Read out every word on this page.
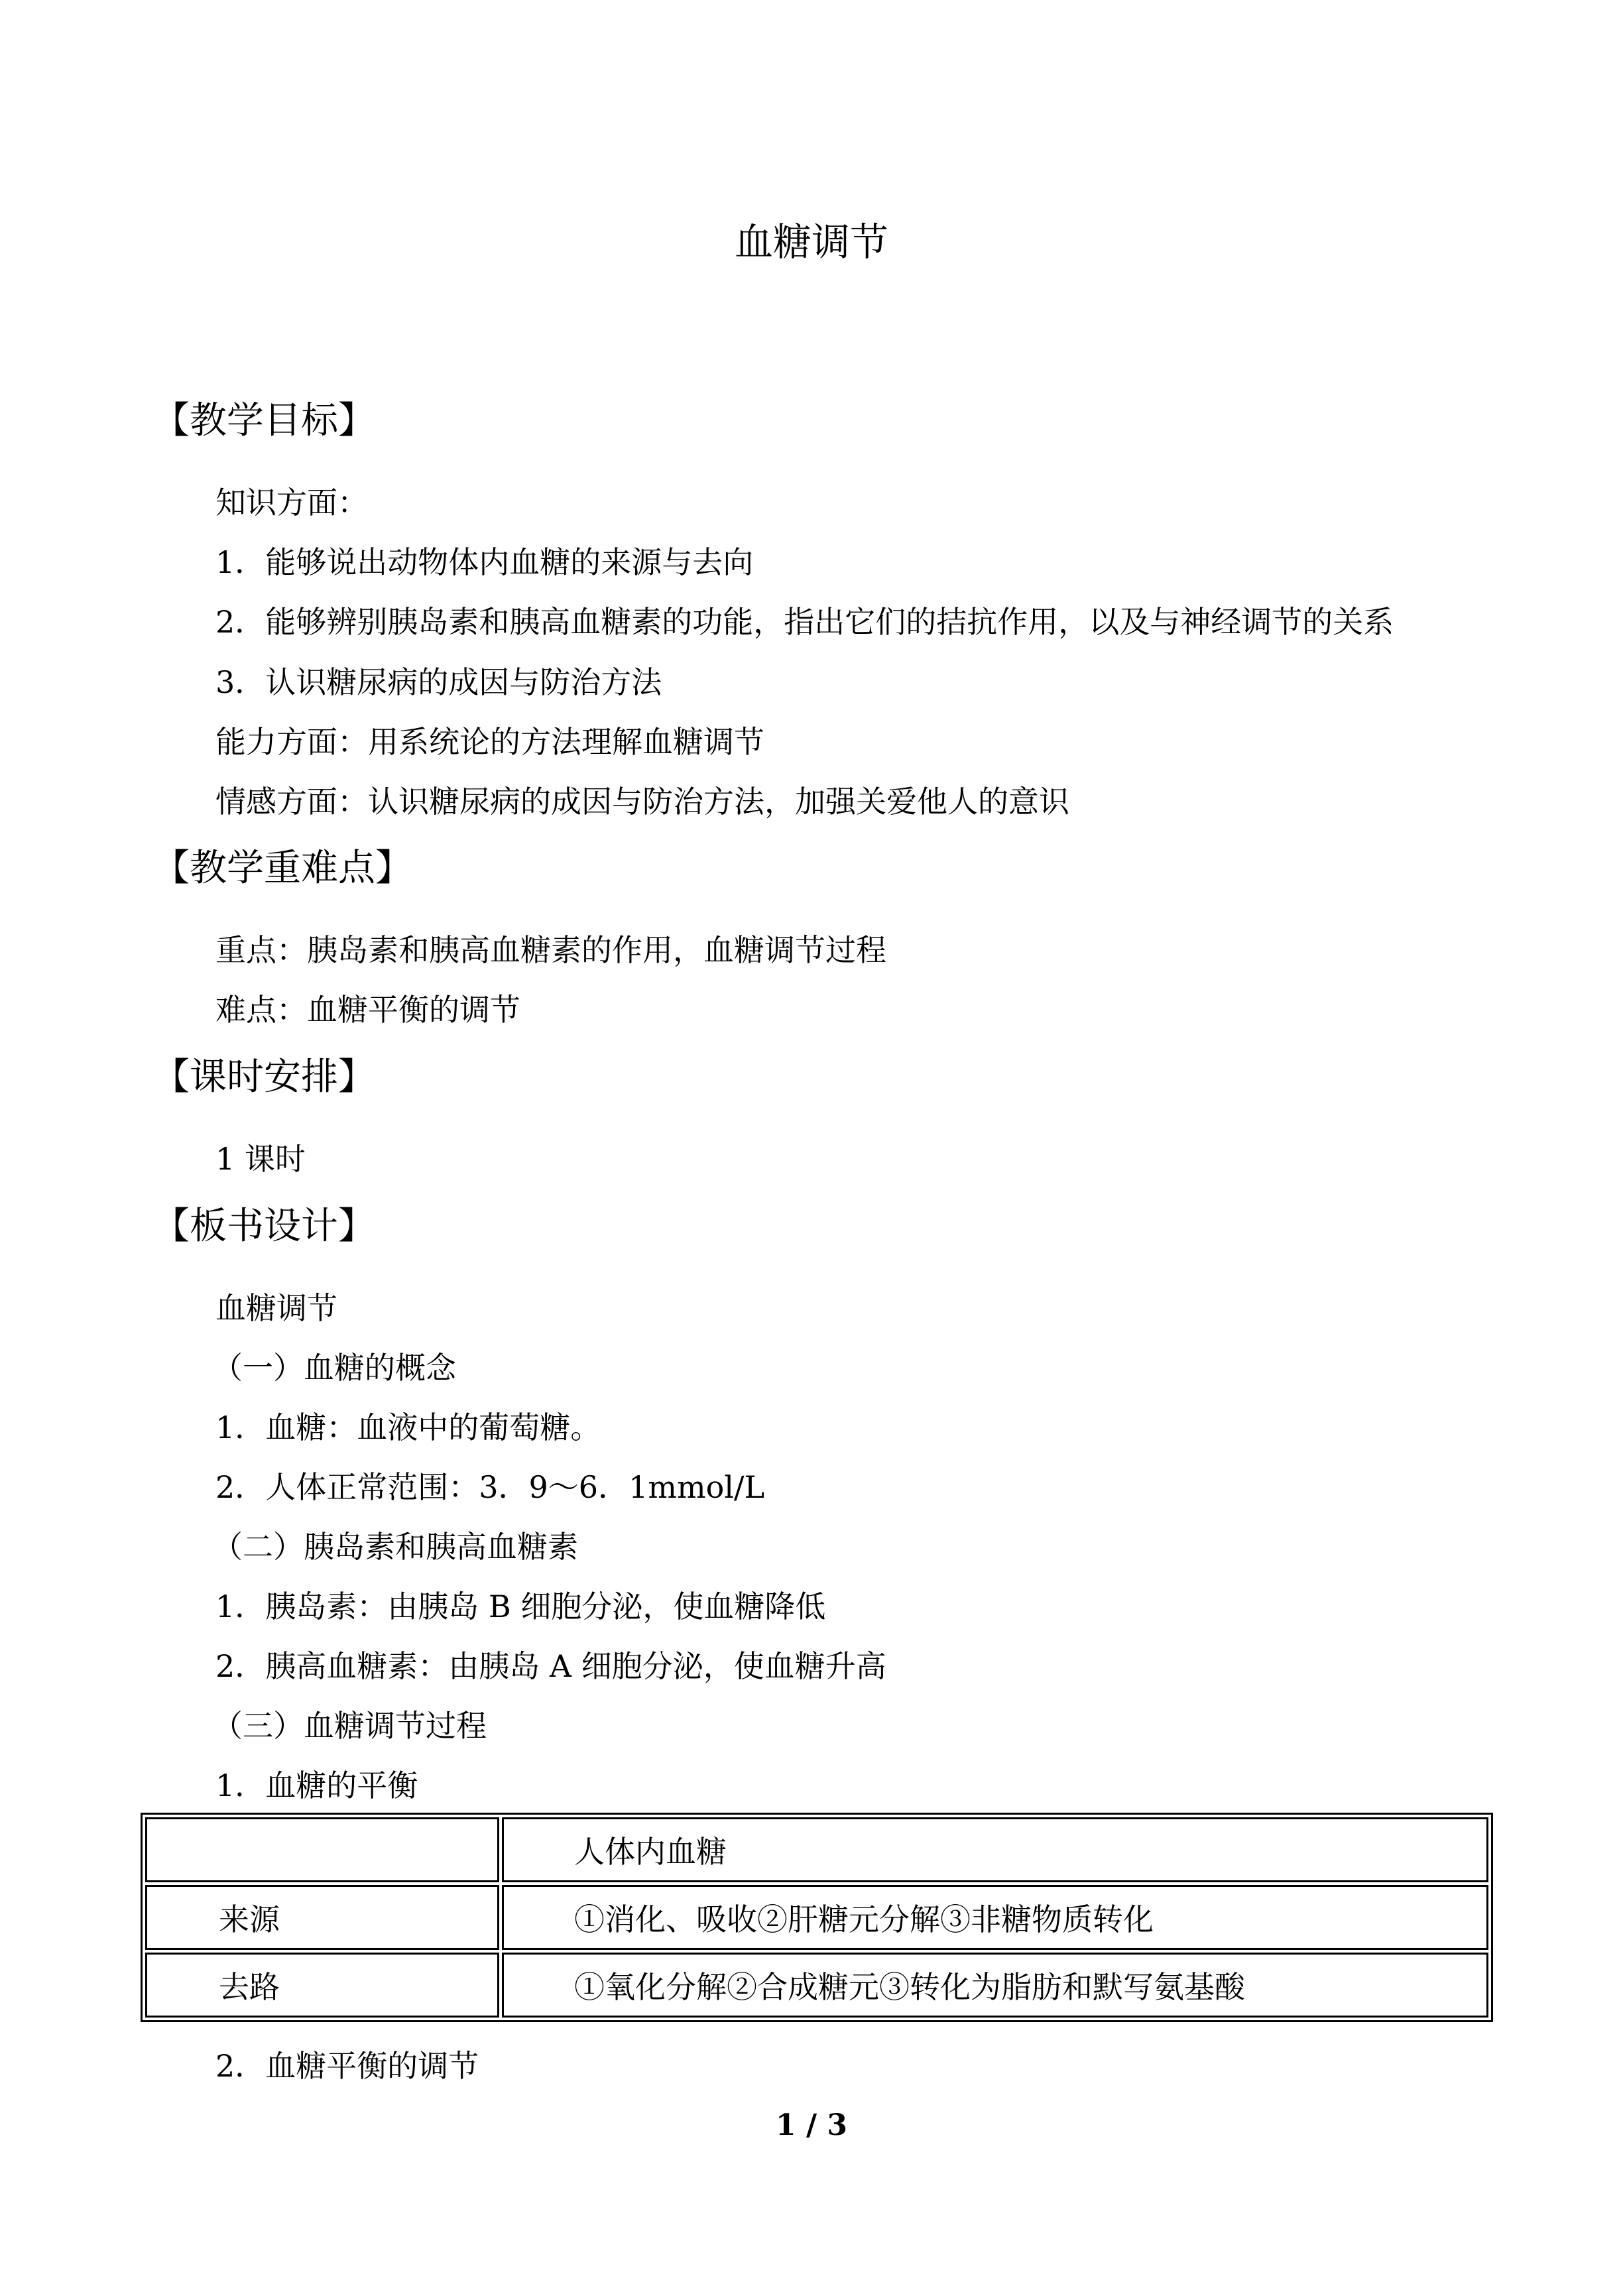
血糖调节
【教学目标】
知识方面：
1．能够说出动物体内血糖的来源与去向
2．能够辨别胰岛素和胰高血糖素的功能，指出它们的拮抗作用，以及与神经调节的关系
3．认识糖尿病的成因与防治方法
能力方面：用系统论的方法理解血糖调节
情感方面：认识糖尿病的成因与防治方法，加强关爱他人的意识
【教学重难点】
重点：胰岛素和胰高血糖素的作用，血糖调节过程
难点：血糖平衡的调节
【课时安排】
1 课时
【板书设计】
血糖调节
（一）血糖的概念
1．血糖：血液中的葡萄糖。
2．人体正常范围：3．9～6．1mmol/L
（二）胰岛素和胰高血糖素
1．胰岛素：由胰岛 B 细胞分泌，使血糖降低
2．胰高血糖素：由胰岛 A 细胞分泌，使血糖升高
（三）血糖调节过程
1．血糖的平衡
	人体内血糖
来源	①消化、吸收②肝糖元分解③非糖物质转化
去路	①氧化分解②合成糖元③转化为脂肪和默写氨基酸
2．血糖平衡的调节
1 / 3
